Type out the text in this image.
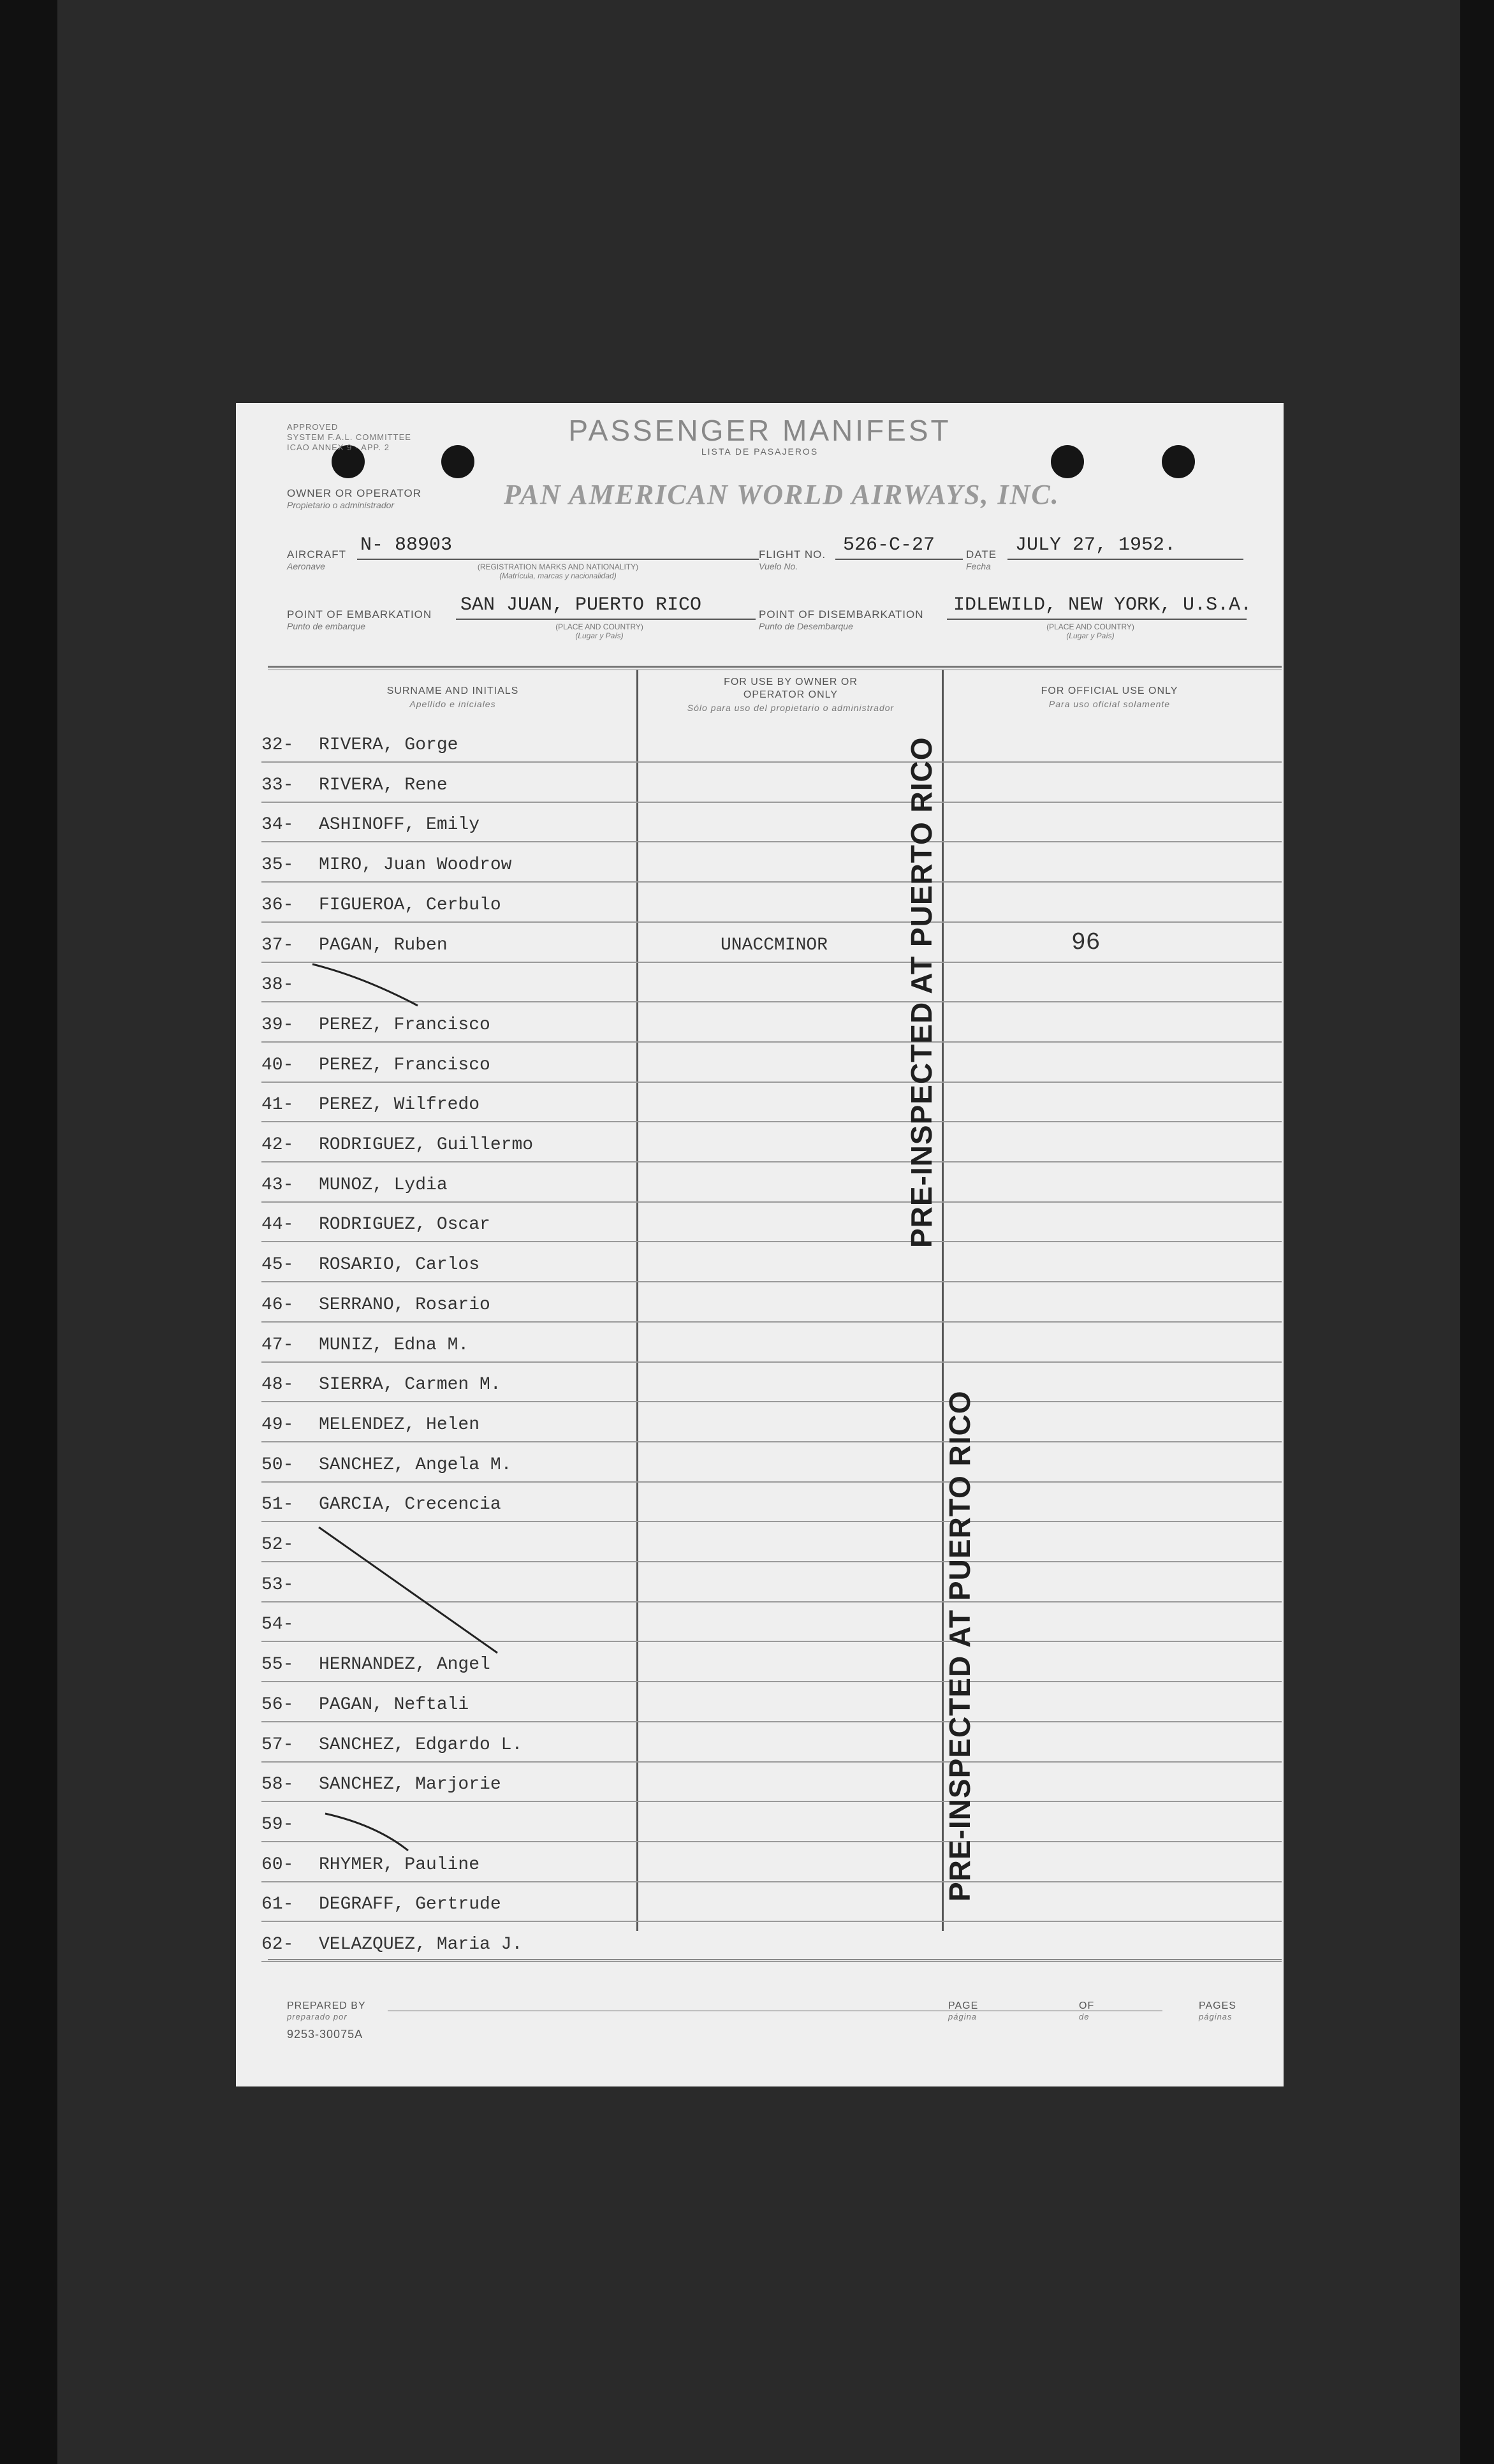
APPROVED
SYSTEM F.A.L. COMMITTEE
ICAO ANNEX 9 - APP. 2
PASSENGER MANIFEST
LISTA DE PASAJEROS
OWNER OR OPERATOR
Propietario o administrador	PAN AMERICAN WORLD AIRWAYS, INC.
AIRCRAFT
Aeronave
N- 88903
(REGISTRATION MARKS AND NATIONALITY)
(Matrícula, marcas y nacionalidad)
FLIGHT NO.
Vuelo No.
526-C-27	DATE
Fecha
JULY 27, 1952.
POINT OF EMBARKATION
Punto de embarque
SAN JUAN, PUERTO RICO
(PLACE AND COUNTRY)
(Lugar y País)
POINT OF DISEMBARKATION
Punto de Desembarque
IDLEWILD, NEW YORK, U.S.A.
(PLACE AND COUNTRY)
(Lugar y País)
SURNAME AND INITIALS
Apellido e iniciales
FOR USE BY OWNER OR OPERATOR ONLY
Sólo para uso del propietario o administrador
FOR OFFICIAL USE ONLY
Para uso oficial solamente
32- RIVERA, Gorge
33- RIVERA, Rene
34- ASHINOFF, Emily
35- MIRO, Juan Woodrow
36- FIGUEROA, Cerbulo
37- PAGAN, Ruben	UNACCMINOR	96
38-
39- PEREZ, Francisco
40- PEREZ, Francisco
41- PEREZ, Wilfredo
42- RODRIGUEZ, Guillermo
43- MUNOZ, Lydia
44- RODRIGUEZ, Oscar
45- ROSARIO, Carlos
46- SERRANO, Rosario
47- MUNIZ, Edna M.
48- SIERRA, Carmen M.
49- MELENDEZ, Helen
50- SANCHEZ, Angela M.
51- GARCIA, Crecencia
52-
53-
54-
55- HERNANDEZ, Angel
56- PAGAN, Neftali
57- SANCHEZ, Edgardo L.
58- SANCHEZ, Marjorie
59-
60- RHYMER, Pauline
61- DEGRAFF, Gertrude
62- VELAZQUEZ, Maria J.
PRE-INSPECTED AT PUERTO RICO
PRE-INSPECTED AT PUERTO RICO
PREPARED BY
preparado por
PAGE
página
OF
de
PAGES
páginas
9253-30075A
